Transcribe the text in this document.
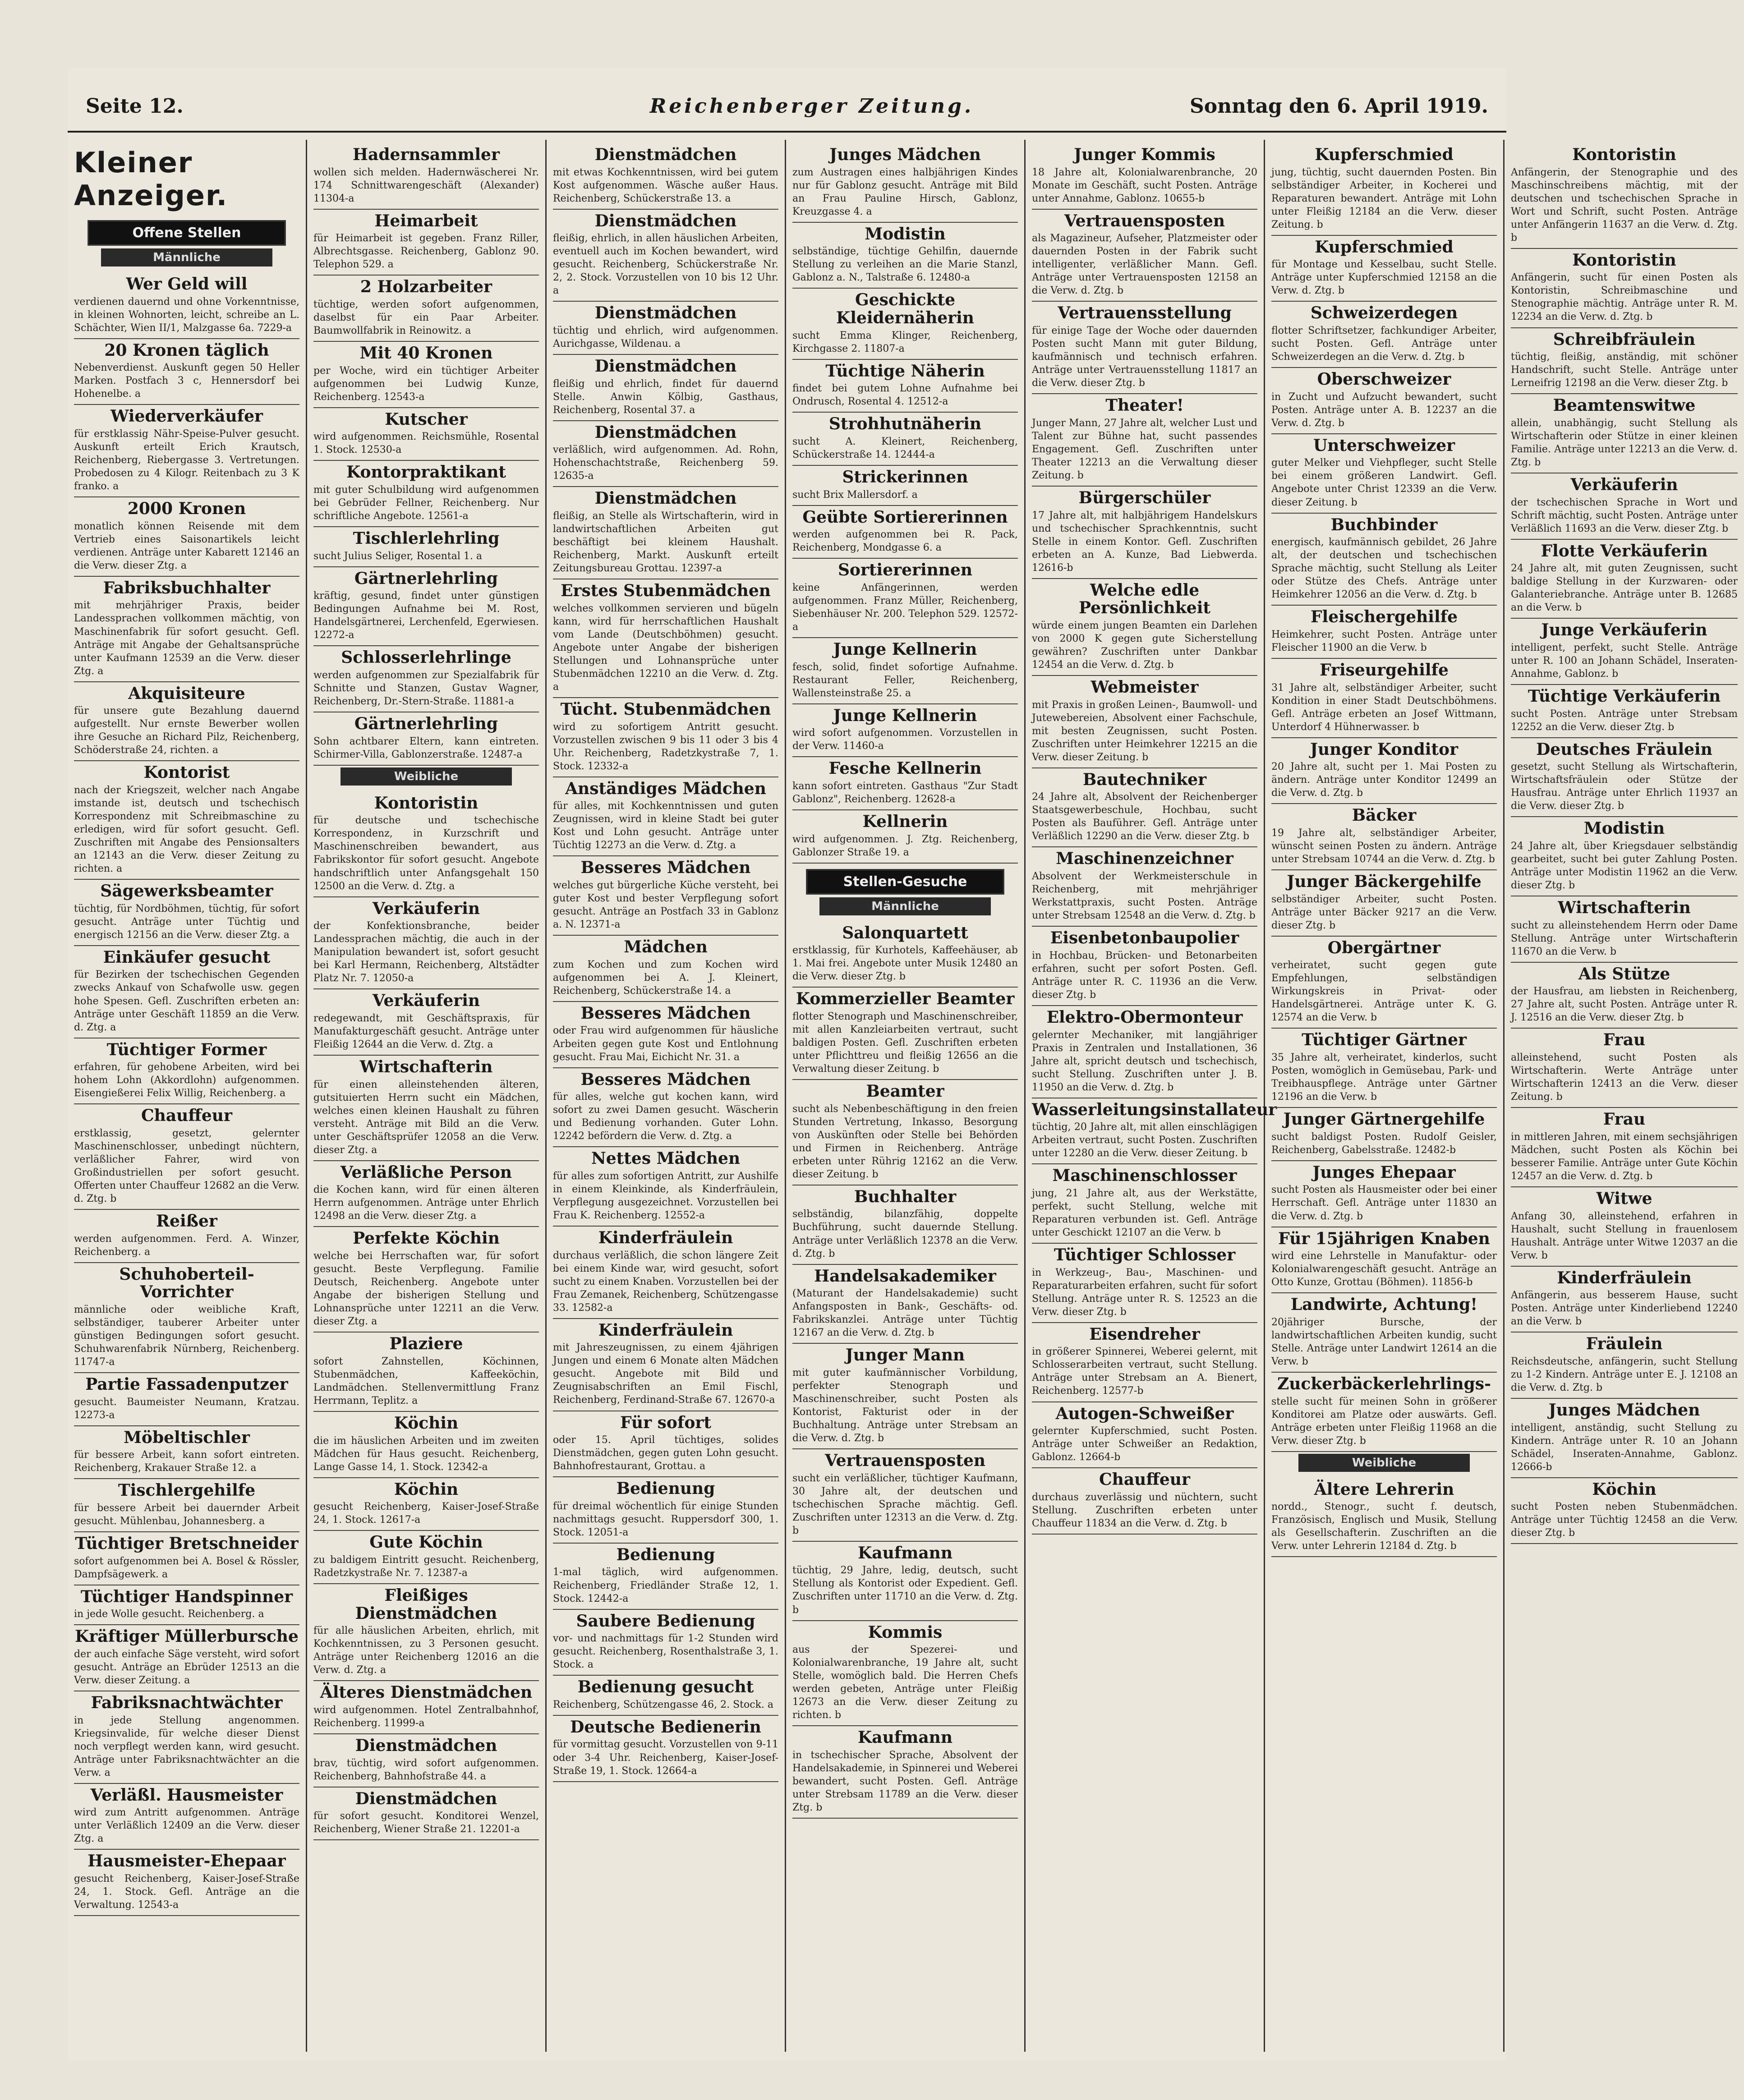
Seite 12.	Reichenberger Zeitung.	Sonntag den 6. April 1919.
Kleiner Anzeiger.
Offene Stellen
Männliche
Wer Geld will

verdienen dauernd und ohne Vorkenntnisse, in kleinen Wohnorten, leicht, schreibe an L. Schächter, Wien II/1, Malzgasse 6a. 7229-a

20 Kronen täglich

Nebenverdienst. Auskunft gegen 50 Heller Marken. Postfach 3 c, Hennersdorf bei Hohenelbe. a

Wiederverkäufer

für erstklassig Nähr-Speise-Pulver gesucht. Auskunft erteilt Erich Krautsch, Reichenberg, Riebergasse 3. Vertretungen. Probedosen zu 4 Kilogr. Reitenbach zu 3 K franko. a

2000 Kronen

monatlich können Reisende mit dem Vertrieb eines Saisonartikels leicht verdienen. Anträge unter Kabarett 12146 an die Verw. dieser Ztg. a

Fabriksbuchhalter

mit mehrjähriger Praxis, beider Landessprachen vollkommen mächtig, von Maschinenfabrik für sofort gesucht. Gefl. Anträge mit Angabe der Gehaltsansprüche unter Kaufmann 12539 an die Verw. dieser Ztg. a

Akquisiteure

für unsere gute Bezahlung dauernd aufgestellt. Nur ernste Bewerber wollen ihre Gesuche an Richard Pilz, Reichenberg, Schöderstraße 24, richten. a

Kontorist

nach der Kriegszeit, welcher nach Angabe imstande ist, deutsch und tschechisch Korrespondenz mit Schreibmaschine zu erledigen, wird für sofort gesucht. Gefl. Zuschriften mit Angabe des Pensionsalters an 12143 an die Verw. dieser Zeitung zu richten. a

Sägewerksbeamter

tüchtig, für Nordböhmen, tüchtig, für sofort gesucht. Anträge unter Tüchtig und energisch 12156 an die Verw. dieser Ztg. a

Einkäufer gesucht

für Bezirken der tschechischen Gegenden zwecks Ankauf von Schafwolle usw. gegen hohe Spesen. Gefl. Zuschriften erbeten an: Anträge unter Geschäft 11859 an die Verw. d. Ztg. a

Tüchtiger Former

erfahren, für gehobene Arbeiten, wird bei hohem Lohn (Akkordlohn) aufgenommen. Eisengießerei Felix Willig, Reichenberg. a

Chauffeur

erstklassig, gesetzt, gelernter Maschinenschlosser, unbedingt nüchtern, verläßlicher Fahrer, wird von Großindustriellen per sofort gesucht. Offerten unter Chauffeur 12682 an die Verw. d. Ztg. b

Reißer

werden aufgenommen. Ferd. A. Winzer, Reichenberg. a

Schuhoberteil-Vorrichter

männliche oder weibliche Kraft, selbständiger, tauberer Arbeiter unter günstigen Bedingungen sofort gesucht. Schuhwarenfabrik Nürnberg, Reichenberg. 11747-a

Partie Fassadenputzer

gesucht. Baumeister Neumann, Kratzau. 12273-a

Möbeltischler

für bessere Arbeit, kann sofort eintreten. Reichenberg, Krakauer Straße 12. a

Tischlergehilfe

für bessere Arbeit bei dauernder Arbeit gesucht. Mühlenbau, Johannesberg. a

Tüchtiger Bretschneider

sofort aufgenommen bei A. Bosel & Rössler, Dampfsägewerk. a

Tüchtiger Handspinner

in jede Wolle gesucht. Reichenberg. a

Kräftiger Müllerbursche

der auch einfache Säge versteht, wird sofort gesucht. Anträge an Ebrüder 12513 an die Verw. dieser Zeitung. a

Fabriksnachtwächter

in jede Stellung angenommen. Kriegsinvalide, für welche dieser Dienst noch verpflegt werden kann, wird gesucht. Anträge unter Fabriksnachtwächter an die Verw. a

Verläßl. Hausmeister

wird zum Antritt aufgenommen. Anträge unter Verläßlich 12409 an die Verw. dieser Ztg. a

Hausmeister-Ehepaar

gesucht Reichenberg, Kaiser-Josef-Straße 24, 1. Stock. Gefl. Anträge an die Verwaltung. 12543-a

Hadernsammler

wollen sich melden. Hadernwäscherei Nr. 174 Schnittwarengeschäft (Alexander) 11304-a

Heimarbeit

für Heimarbeit ist gegeben. Franz Riller, Albrechtsgasse. Reichenberg, Gablonz 90. Telephon 529. a

2 Holzarbeiter

tüchtige, werden sofort aufgenommen, daselbst für ein Paar Arbeiter. Baumwollfabrik in Reinowitz. a

Mit 40 Kronen

per Woche, wird ein tüchtiger Arbeiter aufgenommen bei Ludwig Kunze, Reichenberg. 12543-a

Kutscher

wird aufgenommen. Reichsmühle, Rosental 1. Stock. 12530-a

Kontorpraktikant

mit guter Schulbildung wird aufgenommen bei Gebrüder Fellner, Reichenberg. Nur schriftliche Angebote. 12561-a

Tischlerlehrling

sucht Julius Seliger, Rosental 1. a

Gärtnerlehrling

kräftig, gesund, findet unter günstigen Bedingungen Aufnahme bei M. Rost, Handelsgärtnerei, Lerchenfeld, Egerwiesen. 12272-a

Schlosserlehrlinge

werden aufgenommen zur Spezialfabrik für Schnitte und Stanzen, Gustav Wagner, Reichenberg, Dr.-Stern-Straße. 11881-a

Gärtnerlehrling

Sohn achtbarer Eltern, kann eintreten. Schirmer-Villa, Gablonzerstraße. 12487-a

Weibliche
Kontoristin

für deutsche und tschechische Korrespondenz, in Kurzschrift und Maschinenschreiben bewandert, aus Fabrikskontor für sofort gesucht. Angebote handschriftlich unter Anfangsgehalt 150 12500 an die Verw. d. Ztg. a

Verkäuferin

der Konfektionsbranche, beider Landessprachen mächtig, die auch in der Manipulation bewandert ist, sofort gesucht bei Karl Hermann, Reichenberg, Altstädter Platz Nr. 7. 12050-a

Verkäuferin

redegewandt, mit Geschäftspraxis, für Manufakturgeschäft gesucht. Anträge unter Fleißig 12644 an die Verw. d. Ztg. a

Wirtschafterin

für einen alleinstehenden älteren, gutsituierten Herrn sucht ein Mädchen, welches einen kleinen Haushalt zu führen versteht. Anträge mit Bild an die Verw. unter Geschäftsprüfer 12058 an die Verw. dieser Ztg. a

Verläßliche Person

die Kochen kann, wird für einen älteren Herrn aufgenommen. Anträge unter Ehrlich 12498 an die Verw. dieser Ztg. a

Perfekte Köchin

welche bei Herrschaften war, für sofort gesucht. Beste Verpflegung. Familie Deutsch, Reichenberg. Angebote unter Angabe der bisherigen Stellung und Lohnansprüche unter 12211 an die Verw. dieser Ztg. a

Plaziere

sofort Zahnstellen, Köchinnen, Stubenmädchen, Kaffeeköchin, Landmädchen. Stellenvermittlung Franz Herrmann, Teplitz. a

Köchin

die im häuslichen Arbeiten und im zweiten Mädchen für Haus gesucht. Reichenberg, Lange Gasse 14, 1. Stock. 12342-a

Köchin

gesucht Reichenberg, Kaiser-Josef-Straße 24, 1. Stock. 12617-a

Gute Köchin

zu baldigem Eintritt gesucht. Reichenberg, Radetzkystraße Nr. 7. 12387-a

Fleißiges Dienstmädchen

für alle häuslichen Arbeiten, ehrlich, mit Kochkenntnissen, zu 3 Personen gesucht. Anträge unter Reichenberg 12016 an die Verw. d. Ztg. a

Älteres Dienstmädchen

wird aufgenommen. Hotel Zentralbahnhof, Reichenberg. 11999-a

Dienstmädchen

brav, tüchtig, wird sofort aufgenommen. Reichenberg, Bahnhofstraße 44. a

Dienstmädchen

für sofort gesucht. Konditorei Wenzel, Reichenberg, Wiener Straße 21. 12201-a

Dienstmädchen

mit etwas Kochkenntnissen, wird bei gutem Kost aufgenommen. Wäsche außer Haus. Reichenberg, Schückerstraße 13. a

Dienstmädchen

fleißig, ehrlich, in allen häuslichen Arbeiten, eventuell auch im Kochen bewandert, wird gesucht. Reichenberg, Schückerstraße Nr. 2, 2. Stock. Vorzustellen von 10 bis 12 Uhr. a

Dienstmädchen

tüchtig und ehrlich, wird aufgenommen. Aurichgasse, Wildenau. a

Dienstmädchen

fleißig und ehrlich, findet für dauernd Stelle. Anwin Kölbig, Gasthaus, Reichenberg, Rosental 37. a

Dienstmädchen

verläßlich, wird aufgenommen. Ad. Rohn, Hohenschachtstraße, Reichenberg 59. 12635-a

Dienstmädchen

fleißig, an Stelle als Wirtschafterin, wird in landwirtschaftlichen Arbeiten gut beschäftigt bei kleinem Haushalt. Reichenberg, Markt. Auskunft erteilt Zeitungsbureau Grottau. 12397-a

Erstes Stubenmädchen

welches vollkommen servieren und bügeln kann, wird für herrschaftlichen Haushalt vom Lande (Deutschböhmen) gesucht. Angebote unter Angabe der bisherigen Stellungen und Lohnansprüche unter Stubenmädchen 12210 an die Verw. d. Ztg. a

Tücht. Stubenmädchen

wird zu sofortigem Antritt gesucht. Vorzustellen zwischen 9 bis 11 oder 3 bis 4 Uhr. Reichenberg, Radetzkystraße 7, 1. Stock. 12332-a

Anständiges Mädchen

für alles, mit Kochkenntnissen und guten Zeugnissen, wird in kleine Stadt bei guter Kost und Lohn gesucht. Anträge unter Tüchtig 12273 an die Verw. d. Ztg. a

Besseres Mädchen

welches gut bürgerliche Küche versteht, bei guter Kost und bester Verpflegung sofort gesucht. Anträge an Postfach 33 in Gablonz a. N. 12371-a

Mädchen

zum Kochen und zum Kochen wird aufgenommen bei A. J. Kleinert, Reichenberg, Schückerstraße 14. a

Besseres Mädchen

oder Frau wird aufgenommen für häusliche Arbeiten gegen gute Kost und Entlohnung gesucht. Frau Mai, Eichicht Nr. 31. a

Besseres Mädchen

für alles, welche gut kochen kann, wird sofort zu zwei Damen gesucht. Wäscherin und Bedienung vorhanden. Guter Lohn. 12242 befördern die Verw. d. Ztg. a

Nettes Mädchen

für alles zum sofortigen Antritt, zur Aushilfe in einem Kleinkinde, als Kinderfräulein, Verpflegung ausgezeichnet. Vorzustellen bei Frau K. Reichenberg. 12552-a

Kinderfräulein

durchaus verläßlich, die schon längere Zeit bei einem Kinde war, wird gesucht, sofort sucht zu einem Knaben. Vorzustellen bei der Frau Zemanek, Reichenberg, Schützengasse 33. 12582-a

Kinderfräulein

mit Jahreszeugnissen, zu einem 4jährigen Jungen und einem 6 Monate alten Mädchen gesucht. Angebote mit Bild und Zeugnisabschriften an Emil Fischl, Reichenberg, Ferdinand-Straße 67. 12670-a

Für sofort

oder 15. April tüchtiges, solides Dienstmädchen, gegen guten Lohn gesucht. Bahnhofrestaurant, Grottau. a

Bedienung

für dreimal wöchentlich für einige Stunden nachmittags gesucht. Ruppersdorf 300, 1. Stock. 12051-a

Bedienung

1-mal täglich, wird aufgenommen. Reichenberg, Friedländer Straße 12, 1. Stock. 12442-a

Saubere Bedienung

vor- und nachmittags für 1-2 Stunden wird gesucht. Reichenberg, Rosenthalstraße 3, 1. Stock. a

Bedienung gesucht

Reichenberg, Schützengasse 46, 2. Stock. a

Deutsche Bedienerin

für vormittag gesucht. Vorzustellen von 9-11 oder 3-4 Uhr. Reichenberg, Kaiser-Josef-Straße 19, 1. Stock. 12664-a

Junges Mädchen

zum Austragen eines halbjährigen Kindes nur für Gablonz gesucht. Anträge mit Bild an Frau Pauline Hirsch, Gablonz, Kreuzgasse 4. a

Modistin

selbständige, tüchtige Gehilfin, dauernde Stellung zu verleihen an die Marie Stanzl, Gablonz a. N., Talstraße 6. 12480-a

Geschickte Kleidernäherin

sucht Emma Klinger, Reichenberg, Kirchgasse 2. 11807-a

Tüchtige Näherin

findet bei gutem Lohne Aufnahme bei Ondrusch, Rosental 4. 12512-a

Strohhutnäherin

sucht A. Kleinert, Reichenberg, Schückerstraße 14. 12444-a

Strickerinnen

sucht Brix Mallersdorf. a

Geübte Sortiererinnen

werden aufgenommen bei R. Pack, Reichenberg, Mondgasse 6. a

Sortiererinnen

keine Anfängerinnen, werden aufgenommen. Franz Müller, Reichenberg, Siebenhäuser Nr. 200. Telephon 529. 12572-a

Junge Kellnerin

fesch, solid, findet sofortige Aufnahme. Restaurant Feller, Reichenberg, Wallensteinstraße 25. a

Junge Kellnerin

wird sofort aufgenommen. Vorzustellen in der Verw. 11460-a

Fesche Kellnerin

kann sofort eintreten. Gasthaus "Zur Stadt Gablonz", Reichenberg. 12628-a

Kellnerin

wird aufgenommen. J. Ztg. Reichenberg, Gablonzer Straße 19. a

Stellen-Gesuche
Männliche
Salonquartett

erstklassig, für Kurhotels, Kaffeehäuser, ab 1. Mai frei. Angebote unter Musik 12480 an die Verw. dieser Ztg. b

Kommerzieller Beamter

flotter Stenograph und Maschinenschreiber, mit allen Kanzleiarbeiten vertraut, sucht baldigen Posten. Gefl. Zuschriften erbeten unter Pflichttreu und fleißig 12656 an die Verwaltung dieser Zeitung. b

Beamter

sucht als Nebenbeschäftigung in den freien Stunden Vertretung, Inkasso, Besorgung von Auskünften oder Stelle bei Behörden und Firmen in Reichenberg. Anträge erbeten unter Rührig 12162 an die Verw. dieser Zeitung. b

Buchhalter

selbständig, bilanzfähig, doppelte Buchführung, sucht dauernde Stellung. Anträge unter Verläßlich 12378 an die Verw. d. Ztg. b

Handelsakademiker

(Maturant der Handelsakademie) sucht Anfangsposten in Bank-, Geschäfts- od. Fabrikskanzlei. Anträge unter Tüchtig 12167 an die Verw. d. Ztg. b

Junger Mann

mit guter kaufmännischer Vorbildung, perfekter Stenograph und Maschinenschreiber, sucht Posten als Kontorist, Fakturist oder in der Buchhaltung. Anträge unter Strebsam an die Verw. d. Ztg. b

Vertrauensposten

sucht ein verläßlicher, tüchtiger Kaufmann, 30 Jahre alt, der deutschen und tschechischen Sprache mächtig. Gefl. Zuschriften unter 12313 an die Verw. d. Ztg. b

Kaufmann

tüchtig, 29 Jahre, ledig, deutsch, sucht Stellung als Kontorist oder Expedient. Gefl. Zuschriften unter 11710 an die Verw. d. Ztg. b

Kommis

aus der Spezerei- und Kolonialwarenbranche, 19 Jahre alt, sucht Stelle, womöglich bald. Die Herren Chefs werden gebeten, Anträge unter Fleißig 12673 an die Verw. dieser Zeitung zu richten. b

Kaufmann

in tschechischer Sprache, Absolvent der Handelsakademie, in Spinnerei und Weberei bewandert, sucht Posten. Gefl. Anträge unter Strebsam 11789 an die Verw. dieser Ztg. b

Junger Kommis

18 Jahre alt, Kolonialwarenbranche, 20 Monate im Geschäft, sucht Posten. Anträge unter Annahme, Gablonz. 10655-b

Vertrauensposten

als Magazineur, Aufseher, Platzmeister oder dauernden Posten in der Fabrik sucht intelligenter, verläßlicher Mann. Gefl. Anträge unter Vertrauensposten 12158 an die Verw. d. Ztg. b

Vertrauensstellung

für einige Tage der Woche oder dauernden Posten sucht Mann mit guter Bildung, kaufmännisch und technisch erfahren. Anträge unter Vertrauensstellung 11817 an die Verw. dieser Ztg. b

Theater!

Junger Mann, 27 Jahre alt, welcher Lust und Talent zur Bühne hat, sucht passendes Engagement. Gefl. Zuschriften unter Theater 12213 an die Verwaltung dieser Zeitung. b

Bürgerschüler

17 Jahre alt, mit halbjährigem Handelskurs und tschechischer Sprachkenntnis, sucht Stelle in einem Kontor. Gefl. Zuschriften erbeten an A. Kunze, Bad Liebwerda. 12616-b

Welche edle Persönlichkeit

würde einem jungen Beamten ein Darlehen von 2000 K gegen gute Sicherstellung gewähren? Zuschriften unter Dankbar 12454 an die Verw. d. Ztg. b

Webmeister

mit Praxis in großen Leinen-, Baumwoll- und Jutewebereien, Absolvent einer Fachschule, mit besten Zeugnissen, sucht Posten. Zuschriften unter Heimkehrer 12215 an die Verw. dieser Zeitung. b

Bautechniker

24 Jahre alt, Absolvent der Reichenberger Staatsgewerbeschule, Hochbau, sucht Posten als Bauführer. Gefl. Anträge unter Verläßlich 12290 an die Verw. dieser Ztg. b

Maschinenzeichner

Absolvent der Werkmeisterschule in Reichenberg, mit mehrjähriger Werkstattpraxis, sucht Posten. Anträge unter Strebsam 12548 an die Verw. d. Ztg. b

Eisenbetonbaupolier

in Hochbau, Brücken- und Betonarbeiten erfahren, sucht per sofort Posten. Gefl. Anträge unter R. C. 11936 an die Verw. dieser Ztg. b

Elektro-Obermonteur

gelernter Mechaniker, mit langjähriger Praxis in Zentralen und Installationen, 36 Jahre alt, spricht deutsch und tschechisch, sucht Stellung. Zuschriften unter J. B. 11950 an die Verw. d. Ztg. b

Wasserleitungsinstallateur

tüchtig, 20 Jahre alt, mit allen einschlägigen Arbeiten vertraut, sucht Posten. Zuschriften unter 12280 an die Verw. dieser Zeitung. b

Maschinenschlosser

jung, 21 Jahre alt, aus der Werkstätte, perfekt, sucht Stellung, welche mit Reparaturen verbunden ist. Gefl. Anträge unter Geschickt 12107 an die Verw. b

Tüchtiger Schlosser

in Werkzeug-, Bau-, Maschinen- und Reparaturarbeiten erfahren, sucht für sofort Stellung. Anträge unter R. S. 12523 an die Verw. dieser Ztg. b

Eisendreher

in größerer Spinnerei, Weberei gelernt, mit Schlosserarbeiten vertraut, sucht Stellung. Anträge unter Strebsam an A. Bienert, Reichenberg. 12577-b

Autogen-Schweißer

gelernter Kupferschmied, sucht Posten. Anträge unter Schweißer an Redaktion, Gablonz. 12664-b

Chauffeur

durchaus zuverlässig und nüchtern, sucht Stellung. Zuschriften erbeten unter Chauffeur 11834 an die Verw. d. Ztg. b

Kupferschmied

jung, tüchtig, sucht dauernden Posten. Bin selbständiger Arbeiter, in Kocherei und Reparaturen bewandert. Anträge mit Lohn unter Fleißig 12184 an die Verw. dieser Zeitung. b

Kupferschmied

für Montage und Kesselbau, sucht Stelle. Anträge unter Kupferschmied 12158 an die Verw. d. Ztg. b

Schweizerdegen

flotter Schriftsetzer, fachkundiger Arbeiter, sucht Posten. Gefl. Anträge unter Schweizerdegen an die Verw. d. Ztg. b

Oberschweizer

in Zucht und Aufzucht bewandert, sucht Posten. Anträge unter A. B. 12237 an die Verw. d. Ztg. b

Unterschweizer

guter Melker und Viehpfleger, sucht Stelle bei einem größeren Landwirt. Gefl. Angebote unter Christ 12339 an die Verw. dieser Zeitung. b

Buchbinder

energisch, kaufmännisch gebildet, 26 Jahre alt, der deutschen und tschechischen Sprache mächtig, sucht Stellung als Leiter oder Stütze des Chefs. Anträge unter Heimkehrer 12056 an die Verw. d. Ztg. b

Fleischergehilfe

Heimkehrer, sucht Posten. Anträge unter Fleischer 11900 an die Verw. b

Friseurgehilfe

31 Jahre alt, selbständiger Arbeiter, sucht Kondition in einer Stadt Deutschböhmens. Gefl. Anträge erbeten an Josef Wittmann, Unterdorf 4 Hühnerwasser. b

Junger Konditor

20 Jahre alt, sucht per 1. Mai Posten zu ändern. Anträge unter Konditor 12499 an die Verw. d. Ztg. b

Bäcker

19 Jahre alt, selbständiger Arbeiter, wünscht seinen Posten zu ändern. Anträge unter Strebsam 10744 an die Verw. d. Ztg. b

Junger Bäckergehilfe

selbständiger Arbeiter, sucht Posten. Anträge unter Bäcker 9217 an die Verw. dieser Ztg. b

Obergärtner

verheiratet, sucht gegen gute Empfehlungen, selbständigen Wirkungskreis in Privat- oder Handelsgärtnerei. Anträge unter K. G. 12574 an die Verw. b

Tüchtiger Gärtner

35 Jahre alt, verheiratet, kinderlos, sucht Posten, womöglich in Gemüsebau, Park- und Treibhauspflege. Anträge unter Gärtner 12196 an die Verw. b

Junger Gärtnergehilfe

sucht baldigst Posten. Rudolf Geisler, Reichenberg, Gabelsstraße. 12482-b

Junges Ehepaar

sucht Posten als Hausmeister oder bei einer Herrschaft. Gefl. Anträge unter 11830 an die Verw. d. Ztg. b

Für 15jährigen Knaben

wird eine Lehrstelle in Manufaktur- oder Kolonialwarengeschäft gesucht. Anträge an Otto Kunze, Grottau (Böhmen). 11856-b

Landwirte, Achtung!

20jähriger Bursche, der landwirtschaftlichen Arbeiten kundig, sucht Stelle. Anträge unter Landwirt 12614 an die Verw. b

Zuckerbäckerlehrlings-

stelle sucht für meinen Sohn in größerer Konditorei am Platze oder auswärts. Gefl. Anträge erbeten unter Fleißig 11968 an die Verw. dieser Ztg. b

Weibliche
Ältere Lehrerin

nordd., Stenogr., sucht f. deutsch, Französisch, Englisch und Musik, Stellung als Gesellschafterin. Zuschriften an die Verw. unter Lehrerin 12184 d. Ztg. b

Kontoristin

Anfängerin, der Stenographie und des Maschinschreibens mächtig, mit der deutschen und tschechischen Sprache in Wort und Schrift, sucht Posten. Anträge unter Anfängerin 11637 an die Verw. d. Ztg. b

Kontoristin

Anfängerin, sucht für einen Posten als Kontoristin, Schreibmaschine und Stenographie mächtig. Anträge unter R. M. 12234 an die Verw. d. Ztg. b

Schreibfräulein

tüchtig, fleißig, anständig, mit schöner Handschrift, sucht Stelle. Anträge unter Lerneifrig 12198 an die Verw. dieser Ztg. b

Beamtenswitwe

allein, unabhängig, sucht Stellung als Wirtschafterin oder Stütze in einer kleinen Familie. Anträge unter 12213 an die Verw. d. Ztg. b

Verkäuferin

der tschechischen Sprache in Wort und Schrift mächtig, sucht Posten. Anträge unter Verläßlich 11693 an die Verw. dieser Ztg. b

Flotte Verkäuferin

24 Jahre alt, mit guten Zeugnissen, sucht baldige Stellung in der Kurzwaren- oder Galanteriebranche. Anträge unter B. 12685 an die Verw. b

Junge Verkäuferin

intelligent, perfekt, sucht Stelle. Anträge unter R. 100 an Johann Schädel, Inseraten-Annahme, Gablonz. b

Tüchtige Verkäuferin

sucht Posten. Anträge unter Strebsam 12252 an die Verw. dieser Ztg. b

Deutsches Fräulein

gesetzt, sucht Stellung als Wirtschafterin, Wirtschaftsfräulein oder Stütze der Hausfrau. Anträge unter Ehrlich 11937 an die Verw. dieser Ztg. b

Modistin

24 Jahre alt, über Kriegsdauer selbständig gearbeitet, sucht bei guter Zahlung Posten. Anträge unter Modistin 11962 an die Verw. dieser Ztg. b

Wirtschafterin

sucht zu alleinstehendem Herrn oder Dame Stellung. Anträge unter Wirtschafterin 11670 an die Verw. b

Als Stütze

der Hausfrau, am liebsten in Reichenberg, 27 Jahre alt, sucht Posten. Anträge unter R. J. 12516 an die Verw. dieser Ztg. b

Frau

alleinstehend, sucht Posten als Wirtschafterin. Werte Anträge unter Wirtschafterin 12413 an die Verw. dieser Zeitung. b

Frau

in mittleren Jahren, mit einem sechsjährigen Mädchen, sucht Posten als Köchin bei besserer Familie. Anträge unter Gute Köchin 12457 an die Verw. d. Ztg. b

Witwe

Anfang 30, alleinstehend, erfahren in Haushalt, sucht Stellung in frauenlosem Haushalt. Anträge unter Witwe 12037 an die Verw. b

Kinderfräulein

Anfängerin, aus besserem Hause, sucht Posten. Anträge unter Kinderliebend 12240 an die Verw. b

Fräulein

Reichsdeutsche, anfängerin, sucht Stellung zu 1-2 Kindern. Anträge unter E. J. 12108 an die Verw. d. Ztg. b

Junges Mädchen

intelligent, anständig, sucht Stellung zu Kindern. Anträge unter R. 10 an Johann Schädel, Inseraten-Annahme, Gablonz. 12666-b

Köchin

sucht Posten neben Stubenmädchen. Anträge unter Tüchtig 12458 an die Verw. dieser Ztg. b
